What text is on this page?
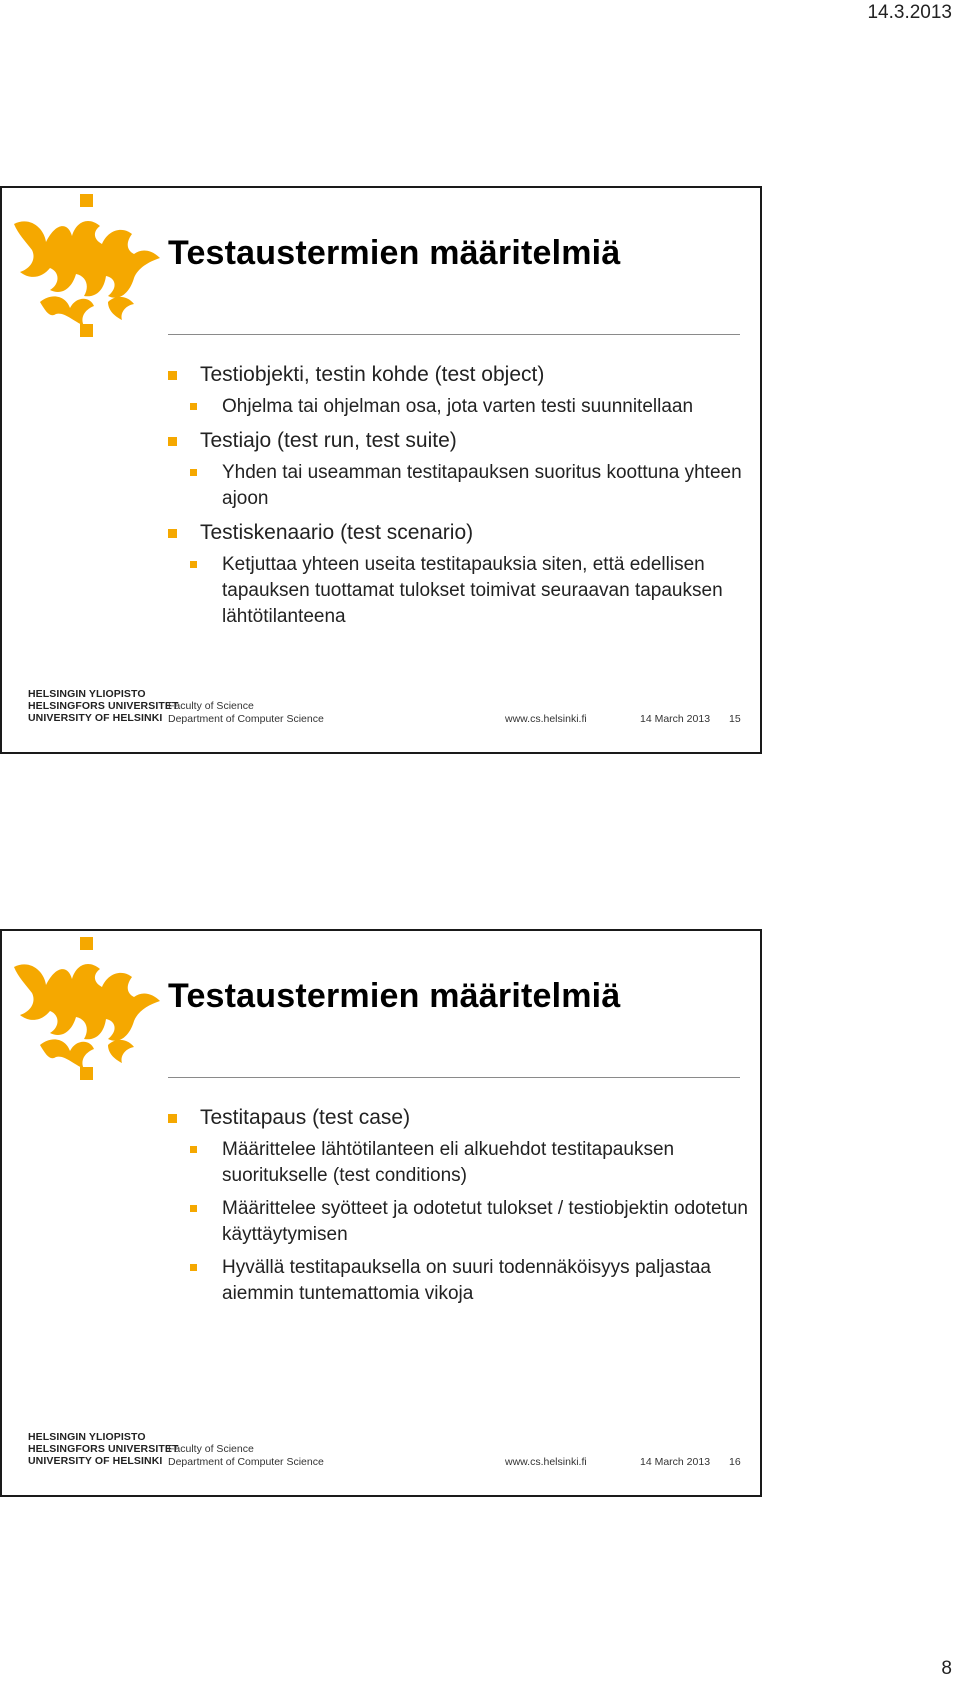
14.3.2013
Testaustermien määritelmiä
Testiobjekti, testin kohde (test object)
Ohjelma tai ohjelman osa, jota varten testi suunnitellaan
Testiajo (test run, test suite)
Yhden tai useamman testitapauksen suoritus koottuna yhteen ajoon
Testiskenaario (test scenario)
Ketjuttaa yhteen useita testitapauksia siten, että edellisen tapauksen tuottamat tulokset toimivat seuraavan tapauksen lähtötilanteena
HELSINGIN YLIOPISTO
HELSINGFORS UNIVERSITET
UNIVERSITY OF HELSINKI
Faculty of Science
Department of Computer Science	www.cs.helsinki.fi	14 March 2013 15
Testaustermien määritelmiä
Testitapaus (test case)
Määrittelee lähtötilanteen eli alkuehdot testitapauksen suoritukselle (test conditions)
Määrittelee syötteet ja odotetut tulokset / testiobjektin odotetun käyttäytymisen
Hyvällä testitapauksella on suuri todennäköisyys paljastaa aiemmin tuntemattomia vikoja
HELSINGIN YLIOPISTO
HELSINGFORS UNIVERSITET
UNIVERSITY OF HELSINKI
Faculty of Science
Department of Computer Science	www.cs.helsinki.fi	14 March 2013 16
8
